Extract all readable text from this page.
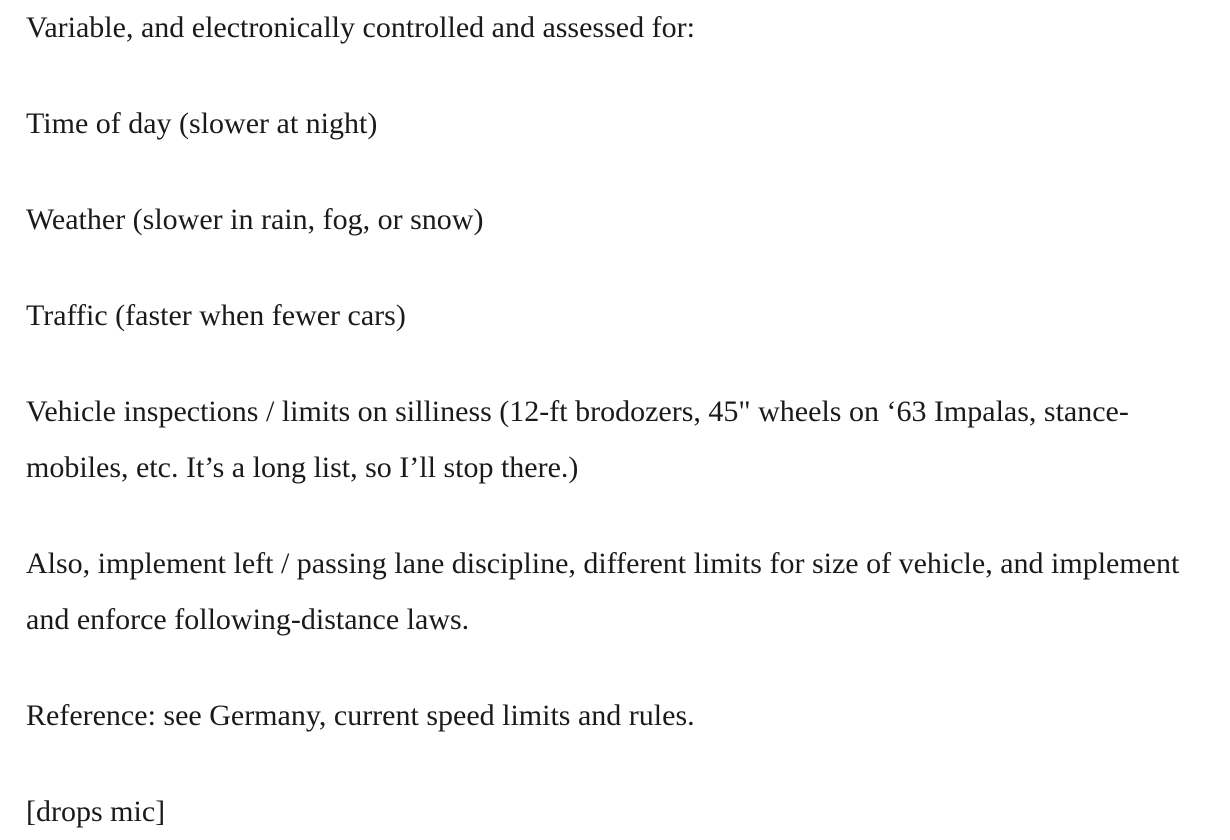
Variable, and electronically controlled and assessed for:

Time of day (slower at night)

Weather (slower in rain, fog, or snow)

Traffic (faster when fewer cars)

Vehicle inspections / limits on silliness (12-ft brodozers, 45" wheels on ‘63 Impalas, stance-mobiles, etc. It’s a long list, so I’ll stop there.)

Also, implement left / passing lane discipline, different limits for size of vehicle, and implement and enforce following-distance laws.

Reference: see Germany, current speed limits and rules.

[drops mic]
